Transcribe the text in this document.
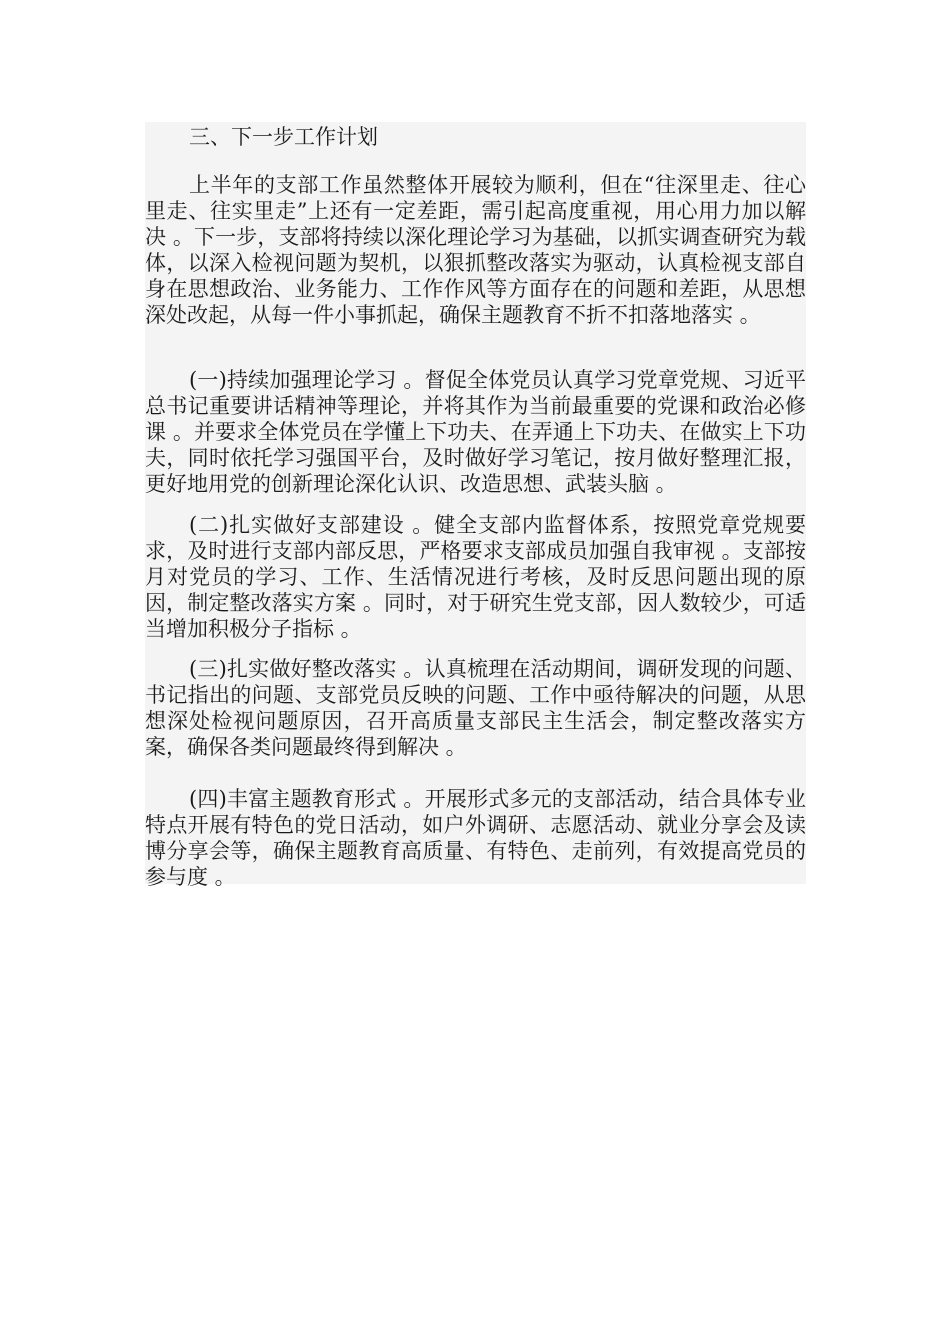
三、下一步工作计划

上半年的支部工作虽然整体开展较为顺利，但在“往深里走、往心里走、往实里走”上还有一定差距，需引起高度重视，用心用力加以解决 。下一步，支部将持续以深化理论学习为基础，以抓实调查研究为载体，以深入检视问题为契机，以狠抓整改落实为驱动，认真检视支部自身在思想政治、业务能力、工作作风等方面存在的问题和差距，从思想深处改起，从每一件小事抓起，确保主题教育不折不扣落地落实 。

(一)持续加强理论学习 。督促全体党员认真学习党章党规、习近平总书记重要讲话精神等理论，并将其作为当前最重要的党课和政治必修课 。并要求全体党员在学懂上下功夫、在弄通上下功夫、在做实上下功夫，同时依托学习强国平台，及时做好学习笔记，按月做好整理汇报，更好地用党的创新理论深化认识、改造思想、武装头脑 。

(二)扎实做好支部建设 。健全支部内监督体系，按照党章党规要求，及时进行支部内部反思，严格要求支部成员加强自我审视 。支部按月对党员的学习、工作、生活情况进行考核，及时反思问题出现的原因，制定整改落实方案 。同时，对于研究生党支部，因人数较少，可适当增加积极分子指标 。

(三)扎实做好整改落实 。认真梳理在活动期间，调研发现的问题、书记指出的问题、支部党员反映的问题、工作中亟待解决的问题，从思想深处检视问题原因，召开高质量支部民主生活会，制定整改落实方案，确保各类问题最终得到解决 。

(四)丰富主题教育形式 。开展形式多元的支部活动，结合具体专业特点开展有特色的党日活动，如户外调研、志愿活动、就业分享会及读博分享会等，确保主题教育高质量、有特色、走前列，有效提高党员的参与度 。
